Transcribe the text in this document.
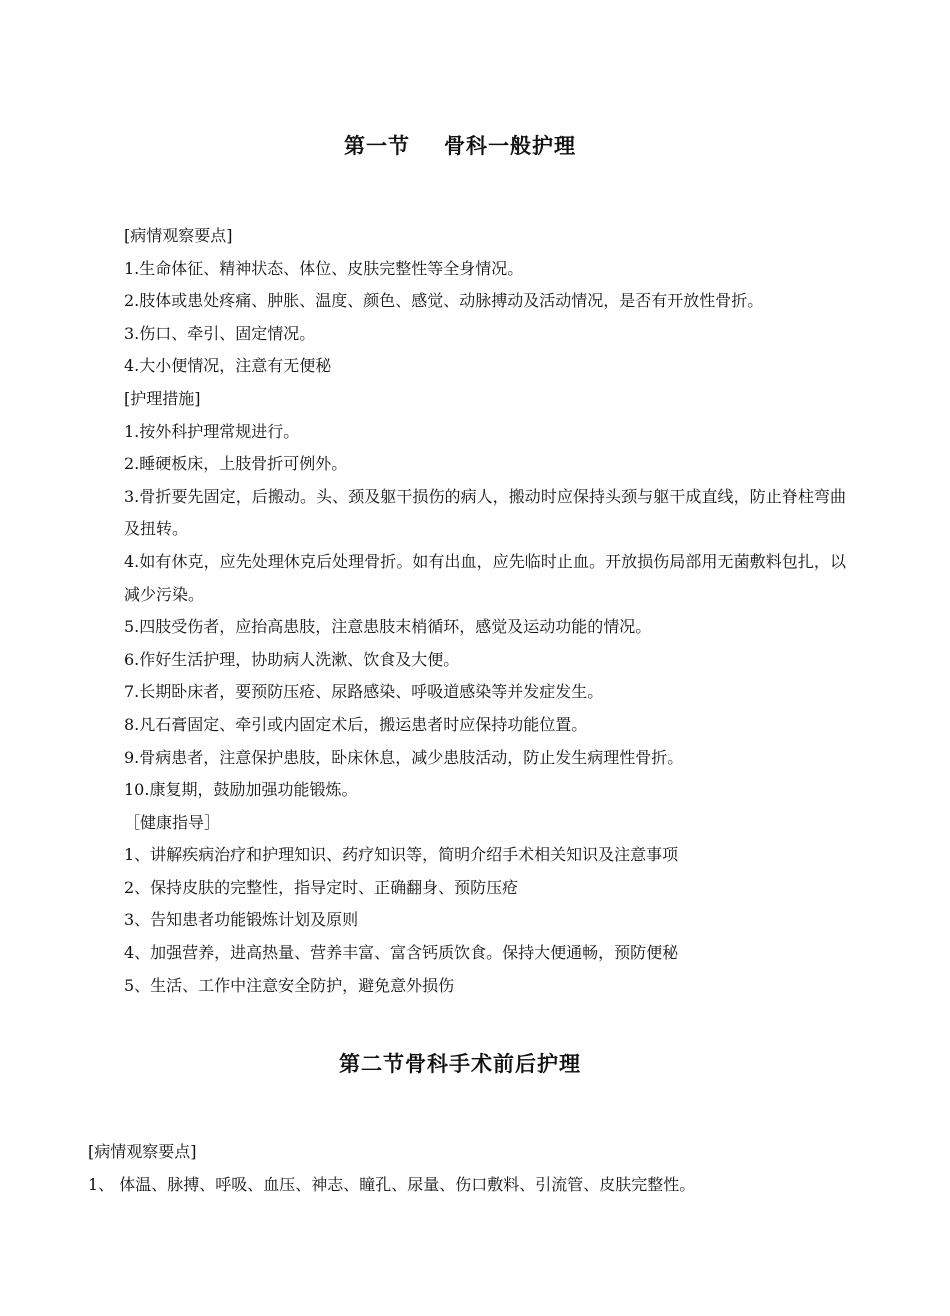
第一节 骨科一般护理

[病情观察要点]

1.生命体征、精神状态、体位、皮肤完整性等全身情况。

2.肢体或患处疼痛、肿胀、温度、颜色、感觉、动脉搏动及活动情况，是否有开放性骨折。

3.伤口、牵引、固定情况。

4.大小便情况，注意有无便秘

[护理措施]

1.按外科护理常规进行。

2.睡硬板床，上肢骨折可例外。

3.骨折要先固定，后搬动。头、颈及躯干损伤的病人，搬动时应保持头颈与躯干成直线，防止脊柱弯曲及扭转。

4.如有休克，应先处理休克后处理骨折。如有出血，应先临时止血。开放损伤局部用无菌敷料包扎，以减少污染。

5.四肢受伤者，应抬高患肢，注意患肢末梢循环，感觉及运动功能的情况。

6.作好生活护理，协助病人洗漱、饮食及大便。

7.长期卧床者，要预防压疮、尿路感染、呼吸道感染等并发症发生。

8.凡石膏固定、牵引或内固定术后，搬运患者时应保持功能位置。

9.骨病患者，注意保护患肢，卧床休息，减少患肢活动，防止发生病理性骨折。

10.康复期，鼓励加强功能锻炼。

［健康指导］

1、讲解疾病治疗和护理知识、药疗知识等，简明介绍手术相关知识及注意事项

2、保持皮肤的完整性，指导定时、正确翻身、预防压疮

3、告知患者功能锻炼计划及原则

4、加强营养，进高热量、营养丰富、富含钙质饮食。保持大便通畅，预防便秘

5、生活、工作中注意安全防护，避免意外损伤

第二节骨科手术前后护理

[病情观察要点]

1、 体温、脉搏、呼吸、血压、神志、瞳孔、尿量、伤口敷料、引流管、皮肤完整性。
